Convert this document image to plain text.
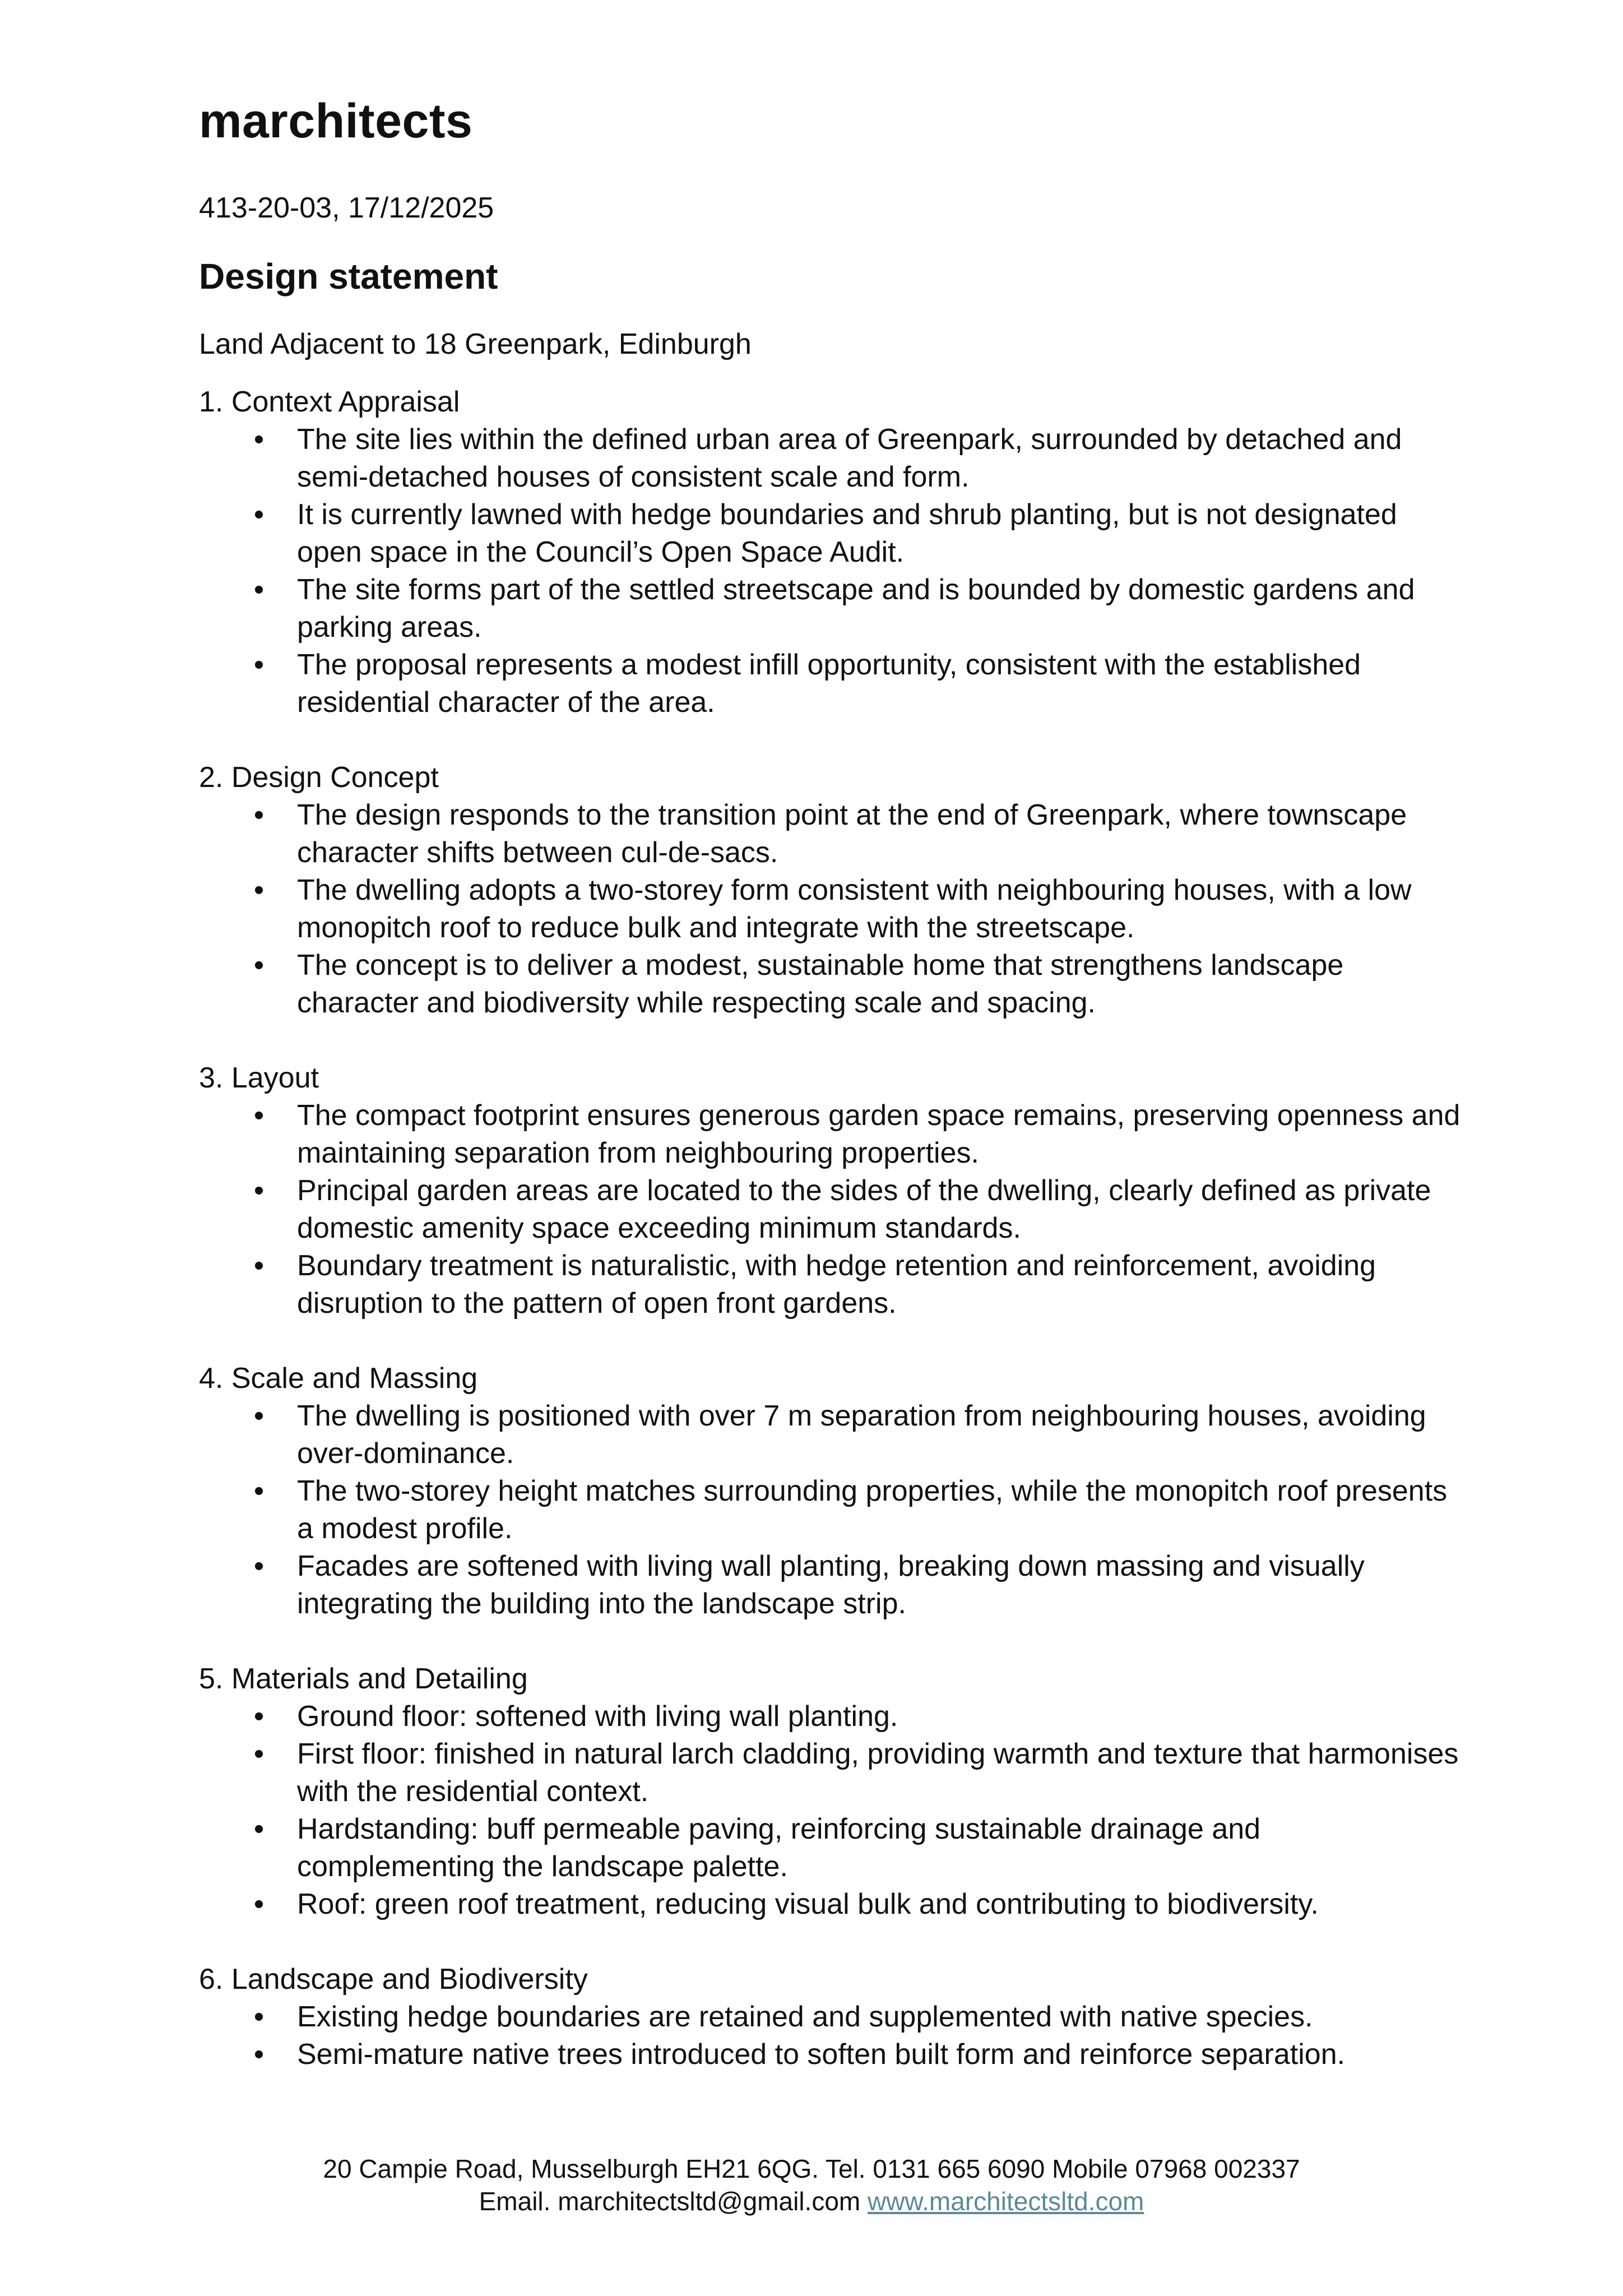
marchitects
413-20-03, 17/12/2025
Design statement
Land Adjacent to 18 Greenpark, Edinburgh
1. Context Appraisal
• The site lies within the defined urban area of Greenpark, surrounded by detached and semi-detached houses of consistent scale and form.
• It is currently lawned with hedge boundaries and shrub planting, but is not designated open space in the Council’s Open Space Audit.
• The site forms part of the settled streetscape and is bounded by domestic gardens and parking areas.
• The proposal represents a modest infill opportunity, consistent with the established residential character of the area.
2. Design Concept
• The design responds to the transition point at the end of Greenpark, where townscape character shifts between cul-de-sacs.
• The dwelling adopts a two-storey form consistent with neighbouring houses, with a low monopitch roof to reduce bulk and integrate with the streetscape.
• The concept is to deliver a modest, sustainable home that strengthens landscape character and biodiversity while respecting scale and spacing.
3. Layout
• The compact footprint ensures generous garden space remains, preserving openness and maintaining separation from neighbouring properties.
• Principal garden areas are located to the sides of the dwelling, clearly defined as private domestic amenity space exceeding minimum standards.
• Boundary treatment is naturalistic, with hedge retention and reinforcement, avoiding disruption to the pattern of open front gardens.
4. Scale and Massing
• The dwelling is positioned with over 7 m separation from neighbouring houses, avoiding over-dominance.
• The two-storey height matches surrounding properties, while the monopitch roof presents a modest profile.
• Facades are softened with living wall planting, breaking down massing and visually integrating the building into the landscape strip.
5. Materials and Detailing
• Ground floor: softened with living wall planting.
• First floor: finished in natural larch cladding, providing warmth and texture that harmonises with the residential context.
• Hardstanding: buff permeable paving, reinforcing sustainable drainage and complementing the landscape palette.
• Roof: green roof treatment, reducing visual bulk and contributing to biodiversity.
6. Landscape and Biodiversity
• Existing hedge boundaries are retained and supplemented with native species.
• Semi-mature native trees introduced to soften built form and reinforce separation.
20 Campie Road, Musselburgh EH21 6QG. Tel. 0131 665 6090 Mobile 07968 002337
Email. marchitectsltd@gmail.com www.marchitectsltd.com
